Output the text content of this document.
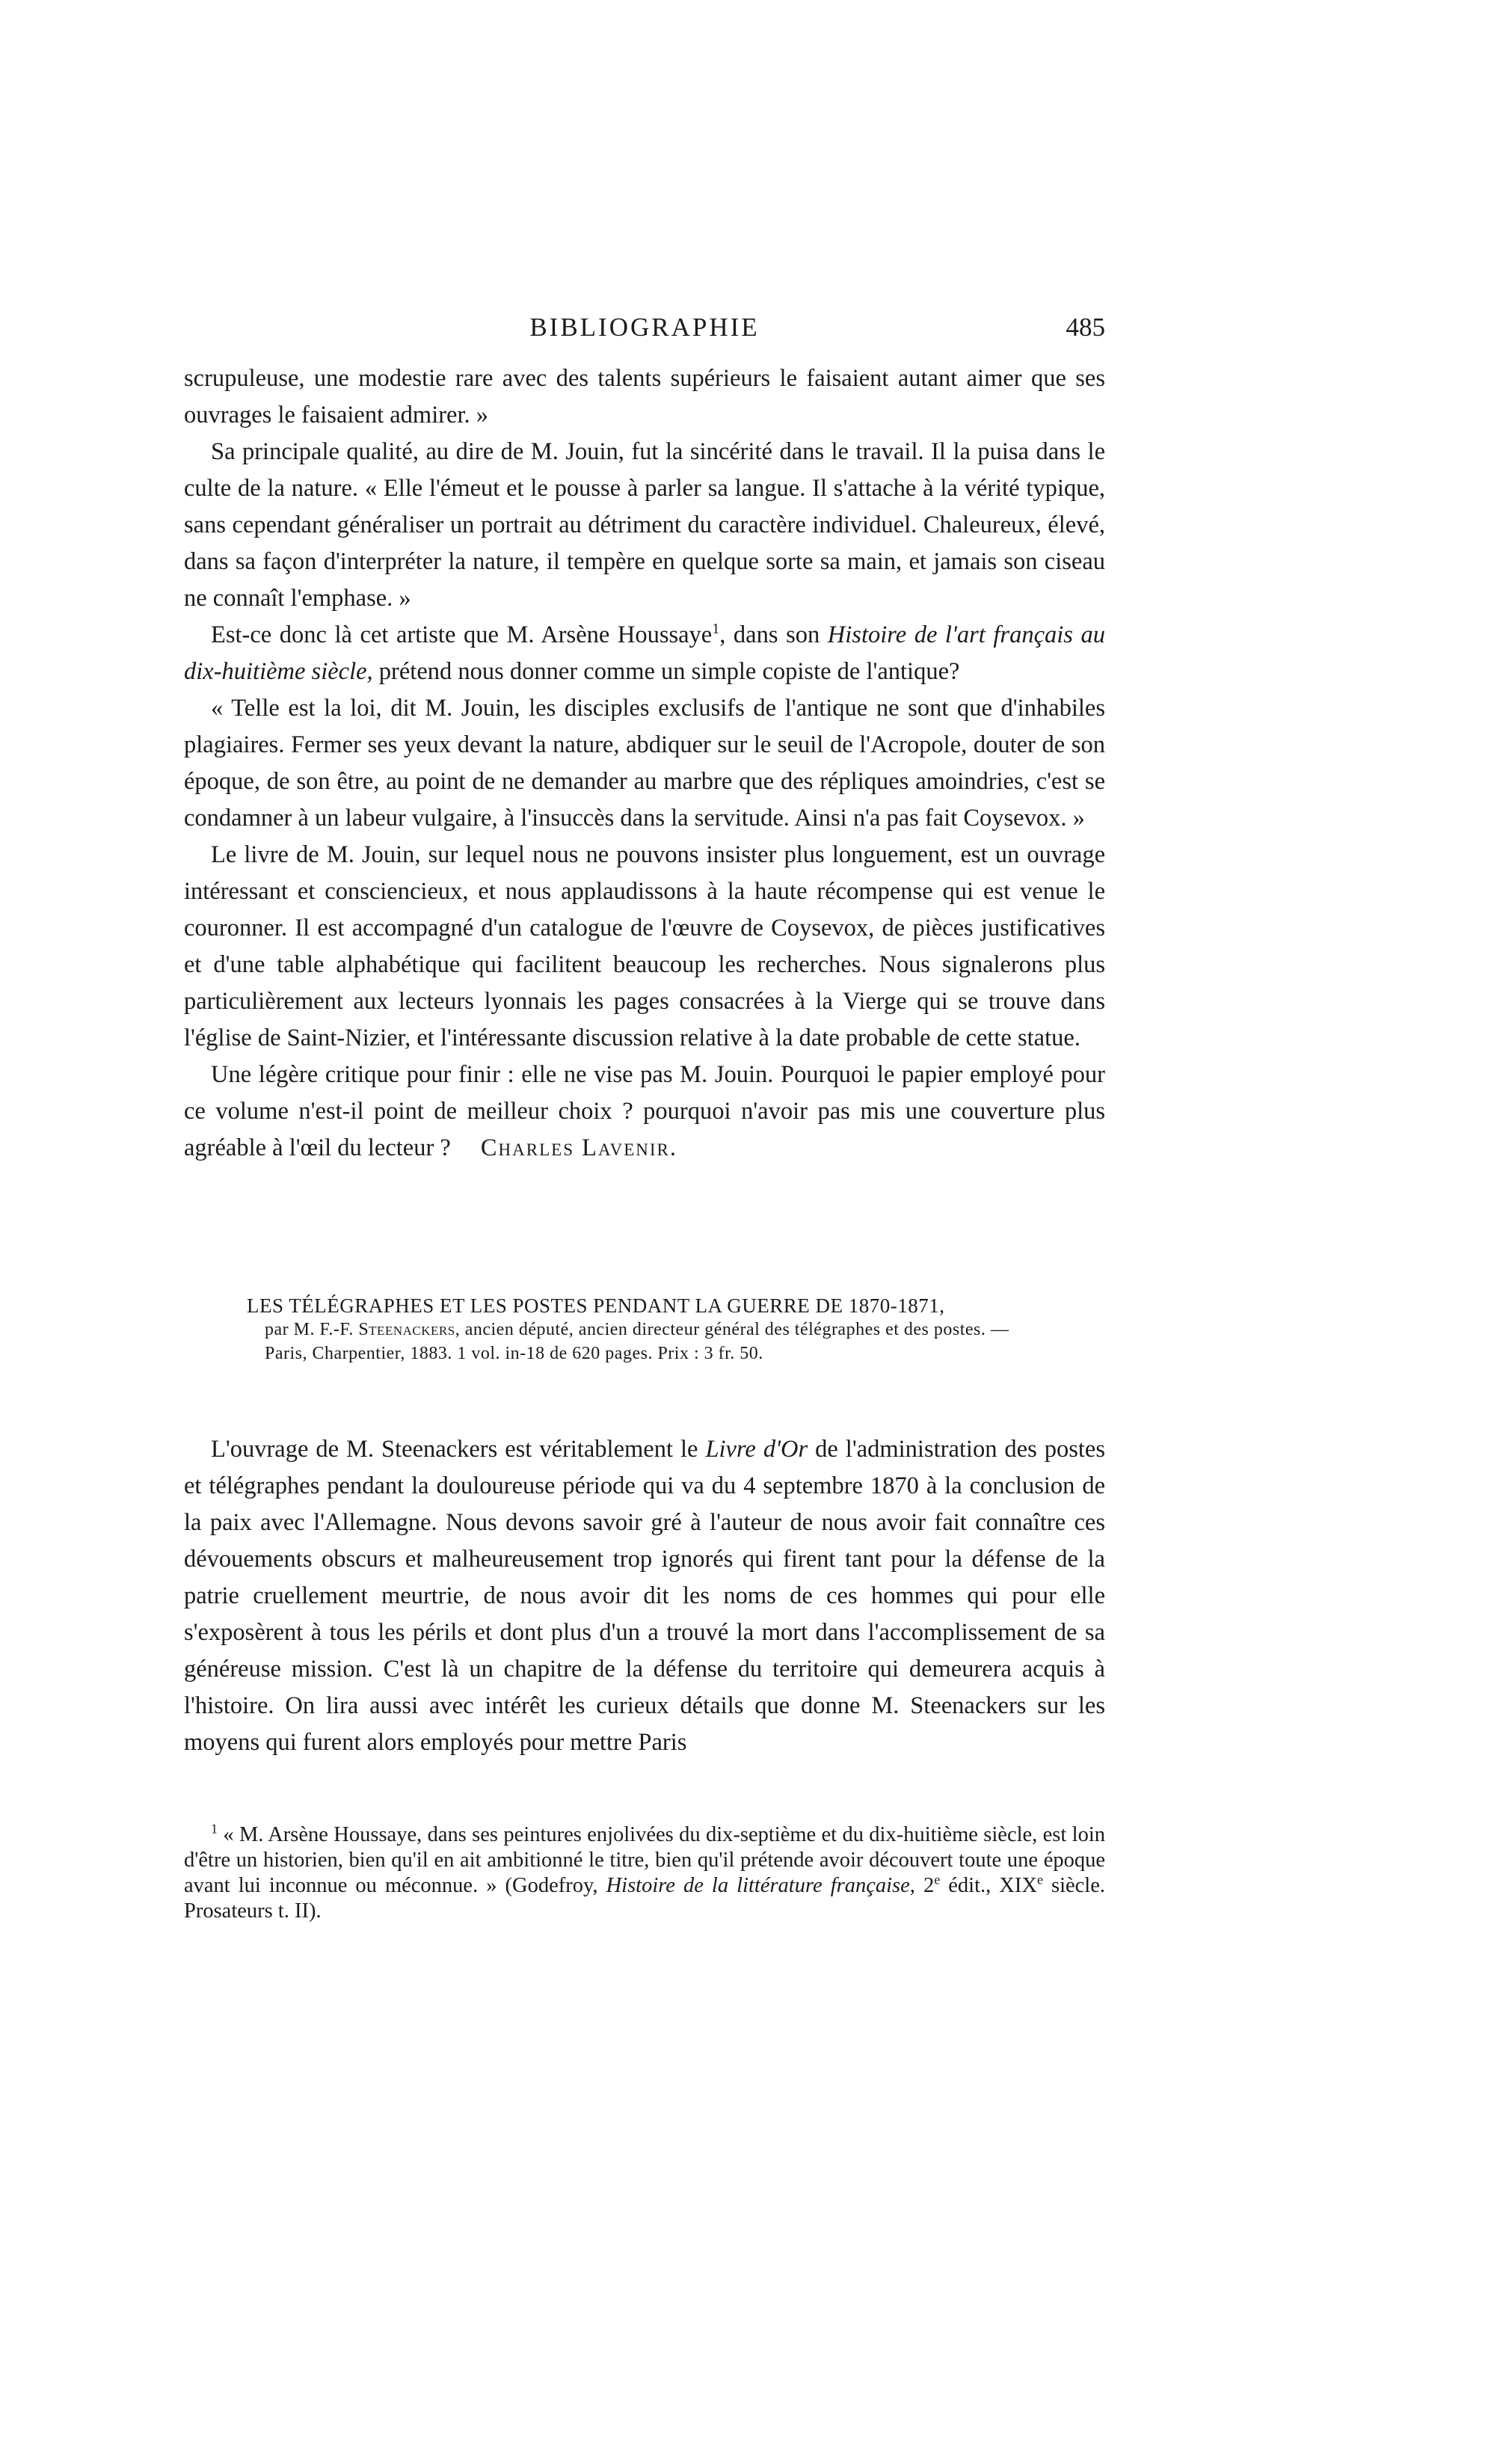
BIBLIOGRAPHIE	485

scrupuleuse, une modestie rare avec des talents supérieurs le faisaient autant aimer que ses ouvrages le faisaient admirer. »

Sa principale qualité, au dire de M. Jouin, fut la sincérité dans le travail. Il la puisa dans le culte de la nature. « Elle l'émeut et le pousse à parler sa langue. Il s'attache à la vérité typique, sans cependant généraliser un portrait au détriment du caractère individuel. Chaleureux, élevé, dans sa façon d'interpréter la nature, il tempère en quelque sorte sa main, et jamais son ciseau ne connaît l'emphase. »

Est-ce donc là cet artiste que M. Arsène Houssaye$^1$, dans son Histoire de l'art français au dix-huitième siècle, prétend nous donner comme un simple copiste de l'antique?

« Telle est la loi, dit M. Jouin, les disciples exclusifs de l'antique ne sont que d'inhabiles plagiaires. Fermer ses yeux devant la nature, abdiquer sur le seuil de l'Acropole, douter de son époque, de son être, au point de ne demander au marbre que des répliques amoindries, c'est se condamner à un labeur vulgaire, à l'insuccès dans la servitude. Ainsi n'a pas fait Coysevox. »

Le livre de M. Jouin, sur lequel nous ne pouvons insister plus longuement, est un ouvrage intéressant et consciencieux, et nous applaudissons à la haute récompense qui est venue le couronner. Il est accompagné d'un catalogue de l'œuvre de Coysevox, de pièces justificatives et d'une table alphabétique qui facilitent beaucoup les recherches. Nous signalerons plus particulièrement aux lecteurs lyonnais les pages consacrées à la Vierge qui se trouve dans l'église de Saint-Nizier, et l'intéressante discussion relative à la date probable de cette statue.

Une légère critique pour finir : elle ne vise pas M. Jouin. Pourquoi le papier employé pour ce volume n'est-il point de meilleur choix ? pourquoi n'avoir pas mis une couverture plus agréable à l'œil du lecteur ? Charles Lavenir.

LES TÉLÉGRAPHES ET LES POSTES PENDANT LA GUERRE DE 1870-1871,
par M. F.-F. Steenackers, ancien député, ancien directeur général des télégraphes et des postes. — Paris, Charpentier, 1883. 1 vol. in-18 de 620 pages. Prix : 3 fr. 50.

L'ouvrage de M. Steenackers est véritablement le Livre d'Or de l'administration des postes et télégraphes pendant la douloureuse période qui va du 4 septembre 1870 à la conclusion de la paix avec l'Allemagne. Nous devons savoir gré à l'auteur de nous avoir fait connaître ces dévouements obscurs et malheureusement trop ignorés qui firent tant pour la défense de la patrie cruellement meurtrie, de nous avoir dit les noms de ces hommes qui pour elle s'exposèrent à tous les périls et dont plus d'un a trouvé la mort dans l'accomplissement de sa généreuse mission. C'est là un chapitre de la défense du territoire qui demeurera acquis à l'histoire. On lira aussi avec intérêt les curieux détails que donne M. Steenackers sur les moyens qui furent alors employés pour mettre Paris

$^1$ « M. Arsène Houssaye, dans ses peintures enjolivées du dix-septième et du dix-huitième siècle, est loin d'être un historien, bien qu'il en ait ambitionné le titre, bien qu'il prétende avoir découvert toute une époque avant lui inconnue ou méconnue. » (Godefroy, Histoire de la littérature française, 2e édit., XIXe siècle. Prosateurs t. II).
